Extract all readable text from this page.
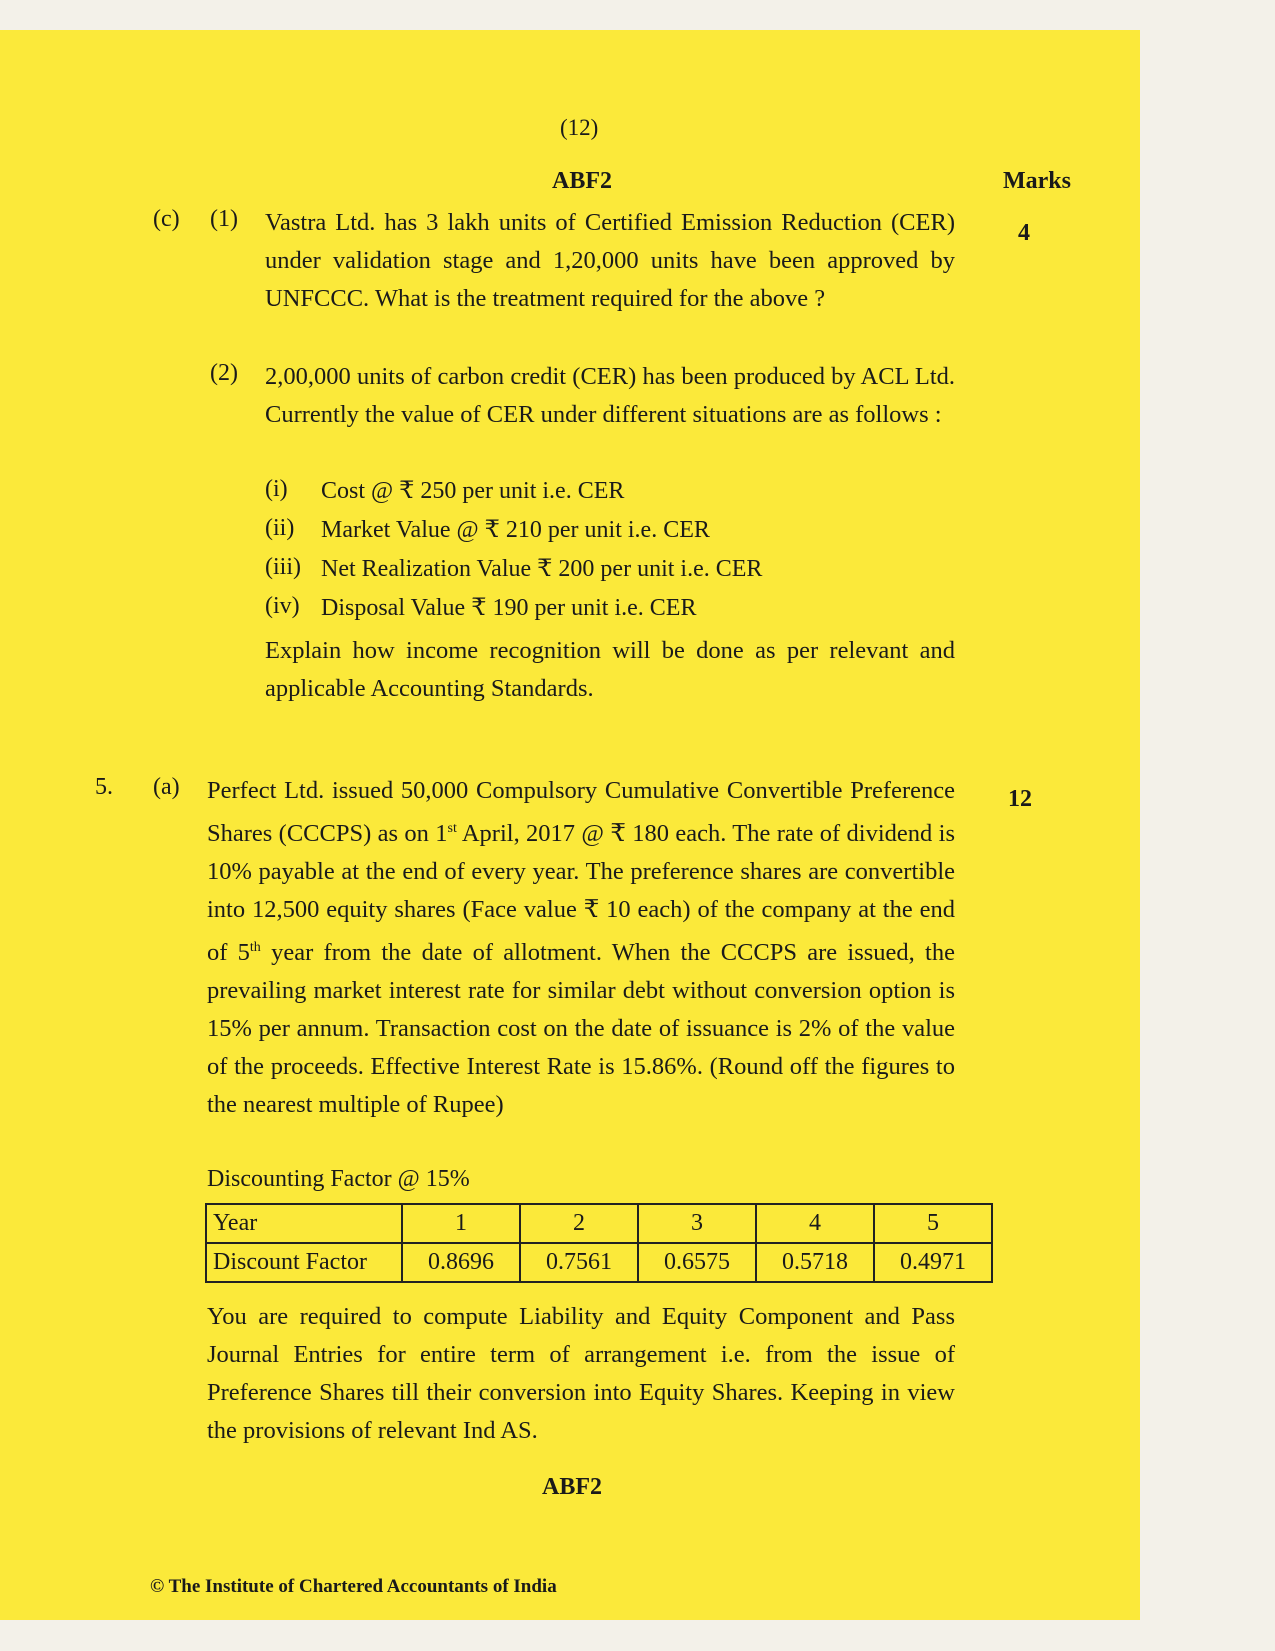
(12)
ABF2	Marks
(c) (1) Vastra Ltd. has 3 lakh units of Certified Emission Reduction (CER) under validation stage and 1,20,000 units have been approved by UNFCCC. What is the treatment required for the above ?
4
(2) 2,00,000 units of carbon credit (CER) has been produced by ACL Ltd. Currently the value of CER under different situations are as follows :
(i) Cost @ ₹ 250 per unit i.e. CER
(ii) Market Value @ ₹ 210 per unit i.e. CER
(iii) Net Realization Value ₹ 200 per unit i.e. CER
(iv) Disposal Value ₹ 190 per unit i.e. CER
Explain how income recognition will be done as per relevant and applicable Accounting Standards.
5. (a)	12
Perfect Ltd. issued 50,000 Compulsory Cumulative Convertible Preference Shares (CCCPS) as on 1st April, 2017 @ ₹ 180 each. The rate of dividend is 10% payable at the end of every year. The preference shares are convertible into 12,500 equity shares (Face value ₹ 10 each) of the company at the end of 5th year from the date of allotment. When the CCCPS are issued, the prevailing market interest rate for similar debt without conversion option is 15% per annum. Transaction cost on the date of issuance is 2% of the value of the proceeds. Effective Interest Rate is 15.86%. (Round off the figures to the nearest multiple of Rupee)
Discounting Factor @ 15%
Year	1	2	3	4	5
Discount Factor	0.8696	0.7561	0.6575	0.5718	0.4971
You are required to compute Liability and Equity Component and Pass Journal Entries for entire term of arrangement i.e. from the issue of Preference Shares till their conversion into Equity Shares. Keeping in view the provisions of relevant Ind AS.
ABF2
© The Institute of Chartered Accountants of India
